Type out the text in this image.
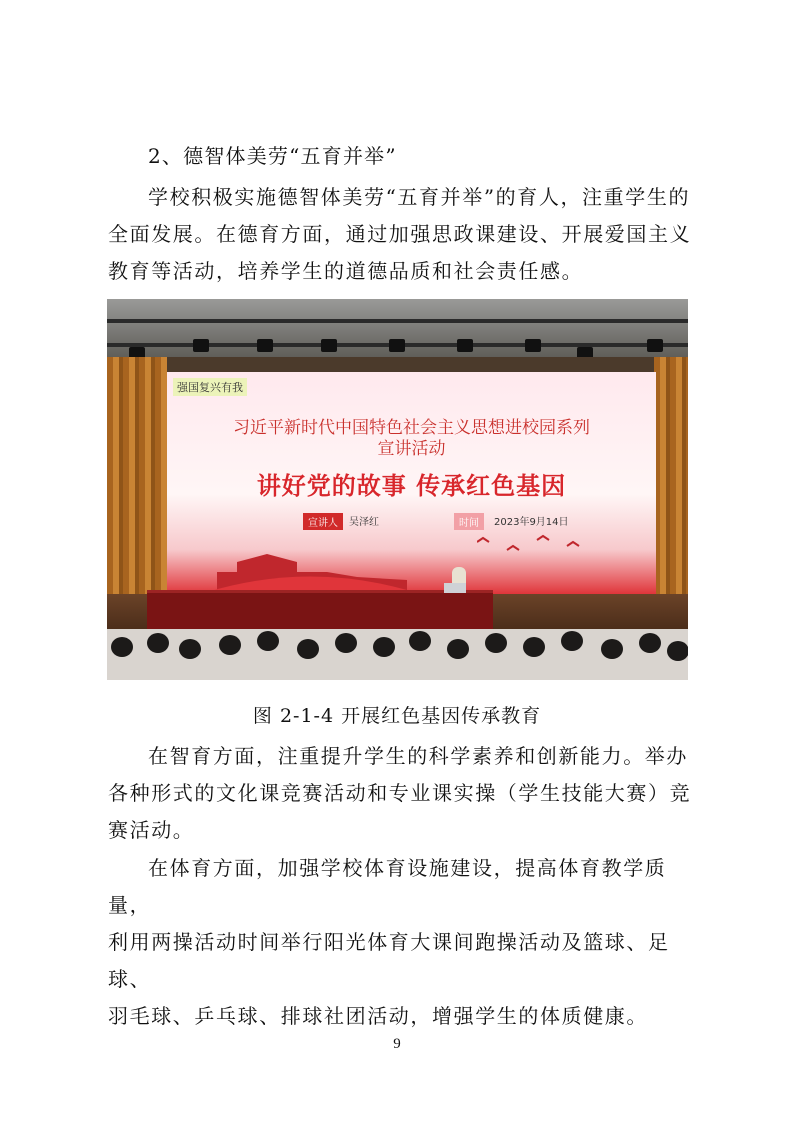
2、德智体美劳“五育并举”
学校积极实施德智体美劳“五育并举”的育人，注重学生的
全面发展。在德育方面，通过加强思政课建设、开展爱国主义
教育等活动，培养学生的道德品质和社会责任感。
强国复兴有我
习近平新时代中国特色社会主义思想进校园系列
宣讲活动
讲好党的故事 传承红色基因
宣讲人	吴泽红	时间	2023年9月14日
图 2-1-4 开展红色基因传承教育
在智育方面，注重提升学生的科学素养和创新能力。举办
各种形式的文化课竞赛活动和专业课实操（学生技能大赛）竞
赛活动。
在体育方面，加强学校体育设施建设，提高体育教学质量，
利用两操活动时间举行阳光体育大课间跑操活动及篮球、足球、
羽毛球、乒乓球、排球社团活动，增强学生的体质健康。
9
